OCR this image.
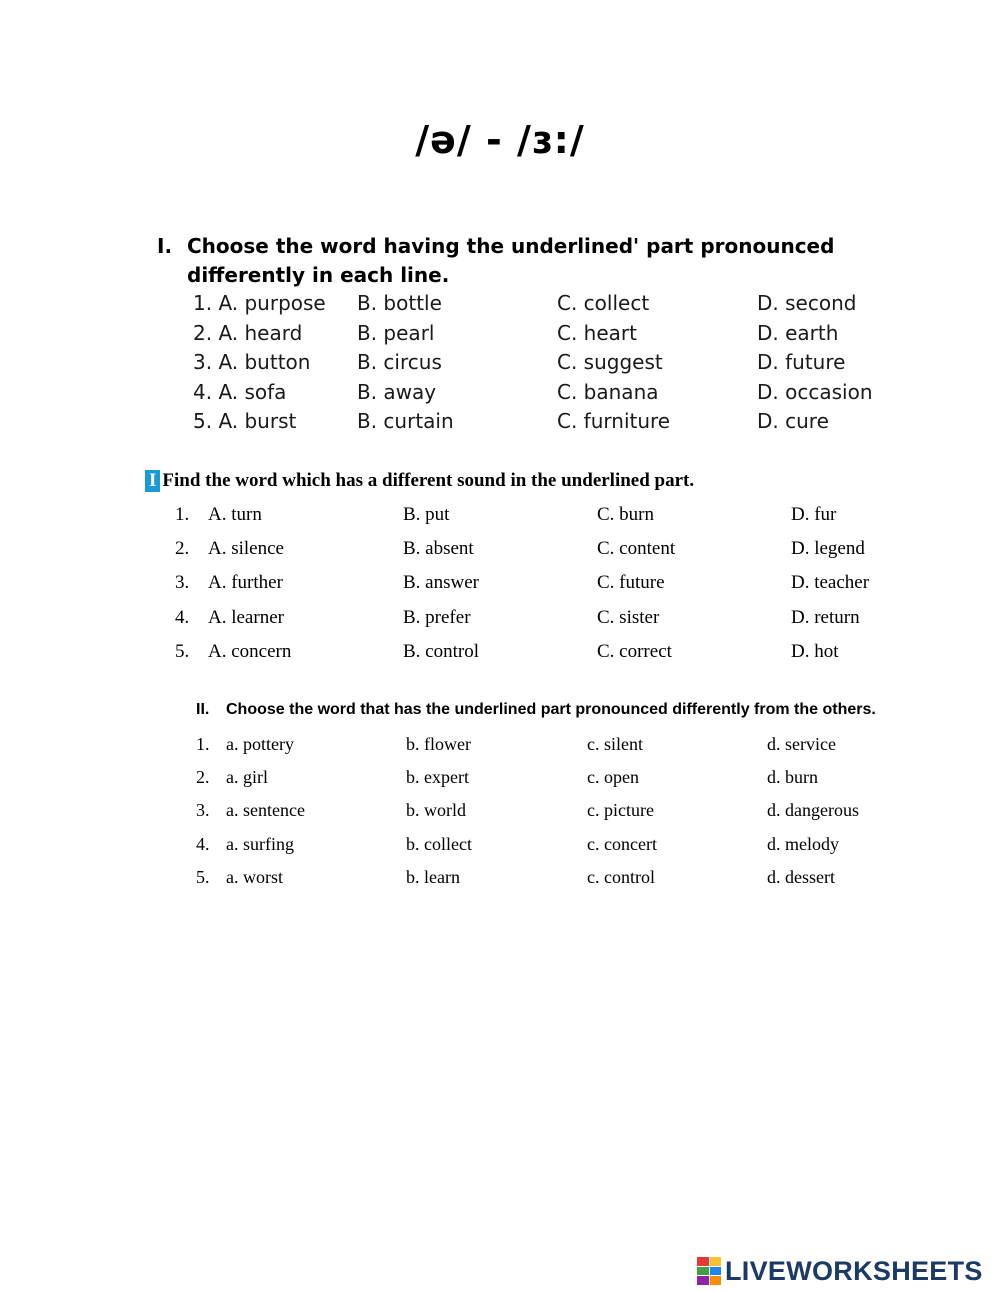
/ə/ - /ɜ:/
I. Choose the word having the underlined' part pronounced
differently in each line.
1. A. purpose B. bottle	C. collect	D. second
2. A. heard	B. pearl	C. heart	D. earth
3. A. button B. circus	C. suggest	D. future
4. A. sofa	B. away	C. banana	D. occasion
5. A. burst	B. curtain	C. furniture	D. cure
I Find the word which has a different sound in the underlined part.
1. A. turn	B. put	C. burn	D. fur
2. A. silence	B. absent	C. content	D. legend
3. A. further	B. answer	C. future	D. teacher
4. A. learner	B. prefer	C. sister	D. return
5. A. concern	B. control	C. correct	D. hot
II. Choose the word that has the underlined part pronounced differently from the others.
1. a. pottery	b. flower	c. silent	d. service
2. a. girl	b. expert	c. open	d. burn
3. a. sentence	b. world	c. picture	d. dangerous
4. a. surfing	b. collect	c. concert	d. melody
5. a. worst	b. learn	c. control	d. dessert
LIVEWORKSHEETS
